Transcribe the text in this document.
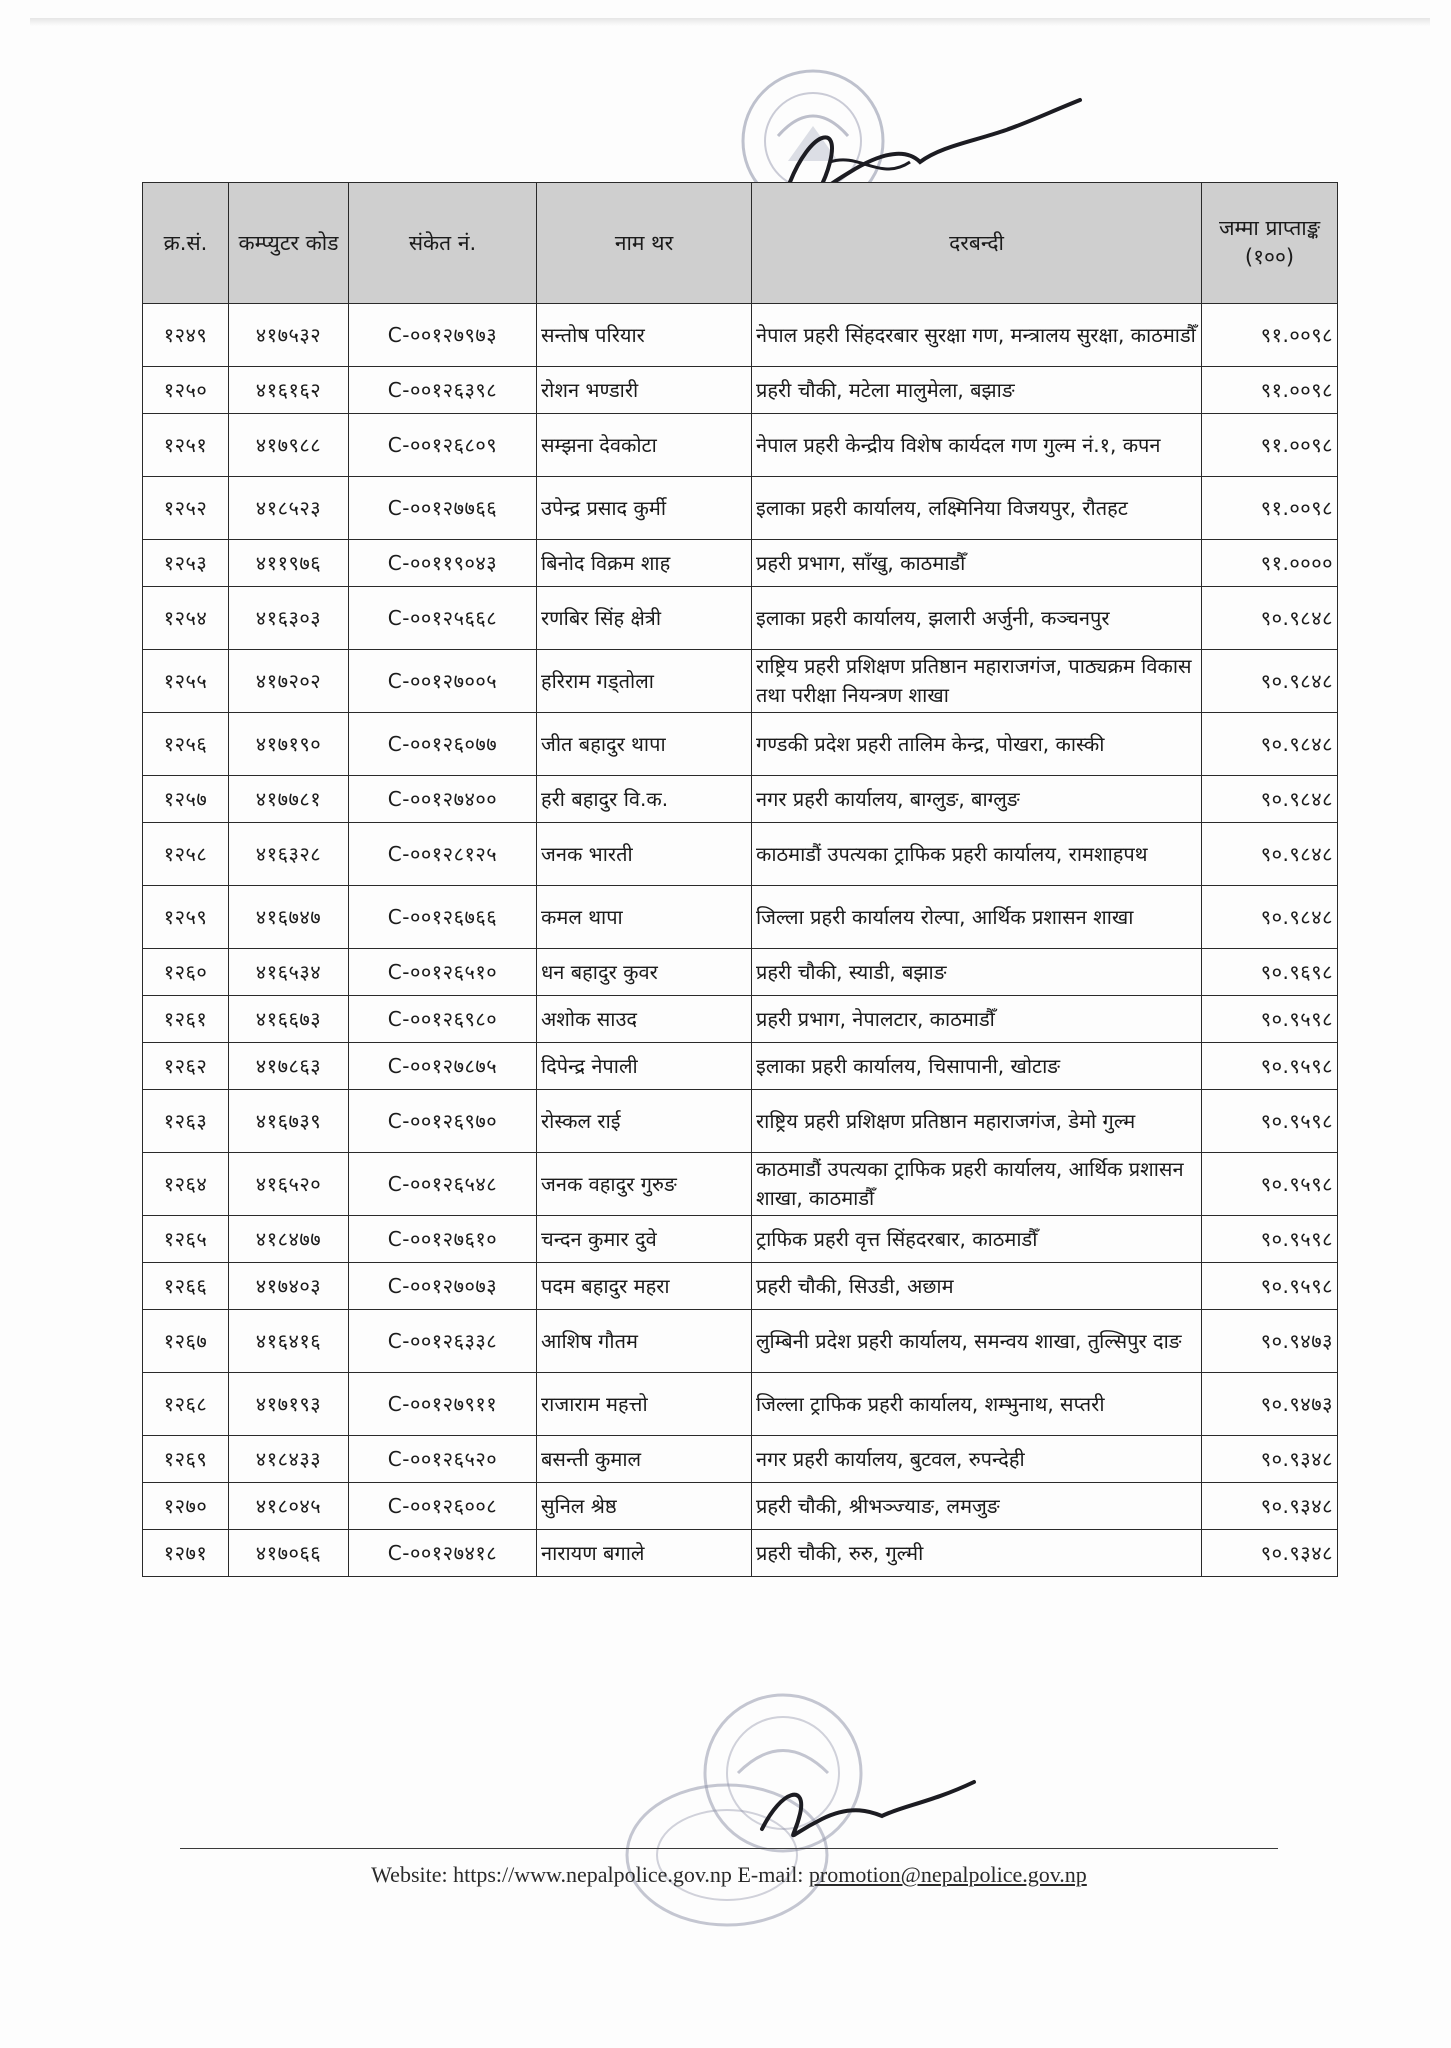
क्र.सं.	कम्प्युटर कोड	संकेत नं.	नाम थर	दरबन्दी	जम्मा प्राप्ताङ्क (१००)
१२४९	४१७५३२	C-००१२७९७३	सन्तोष परियार	नेपाल प्रहरी सिंहदरबार सुरक्षा गण, मन्त्रालय सुरक्षा, काठमाडौँ	९१.००९८
१२५०	४१६१६२	C-००१२६३९८	रोशन भण्डारी	प्रहरी चौकी, मटेला मालुमेला, बझाङ	९१.००९८
१२५१	४१७९८८	C-००१२६८०९	सम्झना देवकोटा	नेपाल प्रहरी केन्द्रीय विशेष कार्यदल गण गुल्म नं.१, कपन	९१.००९८
१२५२	४१८५२३	C-००१२७७६६	उपेन्द्र प्रसाद कुर्मी	इलाका प्रहरी कार्यालय, लक्ष्मिनिया विजयपुर, रौतहट	९१.००९८
१२५३	४११९७६	C-००११९०४३	बिनोद विक्रम शाह	प्रहरी प्रभाग, साँखु, काठमाडौँ	९१.००००
१२५४	४१६३०३	C-००१२५६६८	रणबिर सिंह क्षेत्री	इलाका प्रहरी कार्यालय, झलारी अर्जुनी, कञ्चनपुर	९०.९८४८
१२५५	४१७२०२	C-००१२७००५	हरिराम गड्तोला	राष्ट्रिय प्रहरी प्रशिक्षण प्रतिष्ठान महाराजगंज, पाठ्यक्रम विकास तथा परीक्षा नियन्त्रण शाखा	९०.९८४८
१२५६	४१७१९०	C-००१२६०७७	जीत बहादुर थापा	गण्डकी प्रदेश प्रहरी तालिम केन्द्र, पोखरा, कास्की	९०.९८४८
१२५७	४१७७८१	C-००१२७४००	हरी बहादुर वि.क.	नगर प्रहरी कार्यालय, बाग्लुङ, बाग्लुङ	९०.९८४८
१२५८	४१६३२८	C-००१२८१२५	जनक भारती	काठमाडौं उपत्यका ट्राफिक प्रहरी कार्यालय, रामशाहपथ	९०.९८४८
१२५९	४१६७४७	C-००१२६७६६	कमल थापा	जिल्ला प्रहरी कार्यालय रोल्पा, आर्थिक प्रशासन शाखा	९०.९८४८
१२६०	४१६५३४	C-००१२६५१०	धन बहादुर कुवर	प्रहरी चौकी, स्याडी, बझाङ	९०.९६९८
१२६१	४१६६७३	C-००१२६९८०	अशोक साउद	प्रहरी प्रभाग, नेपालटार, काठमाडौँ	९०.९५९८
१२६२	४१७८६३	C-००१२७८७५	दिपेन्द्र नेपाली	इलाका प्रहरी कार्यालय, चिसापानी, खोटाङ	९०.९५९८
१२६३	४१६७३९	C-००१२६९७०	रोस्कल राई	राष्ट्रिय प्रहरी प्रशिक्षण प्रतिष्ठान महाराजगंज, डेमो गुल्म	९०.९५९८
१२६४	४१६५२०	C-००१२६५४८	जनक वहादुर गुरुङ	काठमाडौं उपत्यका ट्राफिक प्रहरी कार्यालय, आर्थिक प्रशासन शाखा, काठमाडौँ	९०.९५९८
१२६५	४१८४७७	C-००१२७६१०	चन्दन कुमार दुवे	ट्राफिक प्रहरी वृत्त सिंहदरबार, काठमाडौँ	९०.९५९८
१२६६	४१७४०३	C-००१२७०७३	पदम बहादुर महरा	प्रहरी चौकी, सिउडी, अछाम	९०.९५९८
१२६७	४१६४१६	C-००१२६३३८	आशिष गौतम	लुम्बिनी प्रदेश प्रहरी कार्यालय, समन्वय शाखा, तुल्सिपुर दाङ	९०.९४७३
१२६८	४१७१९३	C-००१२७९११	राजाराम महत्तो	जिल्ला ट्राफिक प्रहरी कार्यालय, शम्भुनाथ, सप्तरी	९०.९४७३
१२६९	४१८४३३	C-००१२६५२०	बसन्ती कुमाल	नगर प्रहरी कार्यालय, बुटवल, रुपन्देही	९०.९३४८
१२७०	४१८०४५	C-००१२६००८	सुनिल श्रेष्ठ	प्रहरी चौकी, श्रीभञ्ज्याङ, लमजुङ	९०.९३४८
१२७१	४१७०६६	C-००१२७४१८	नारायण बगाले	प्रहरी चौकी, रुरु, गुल्मी	९०.९३४८
Website: https://www.nepalpolice.gov.np E-mail: promotion@nepalpolice.gov.np
